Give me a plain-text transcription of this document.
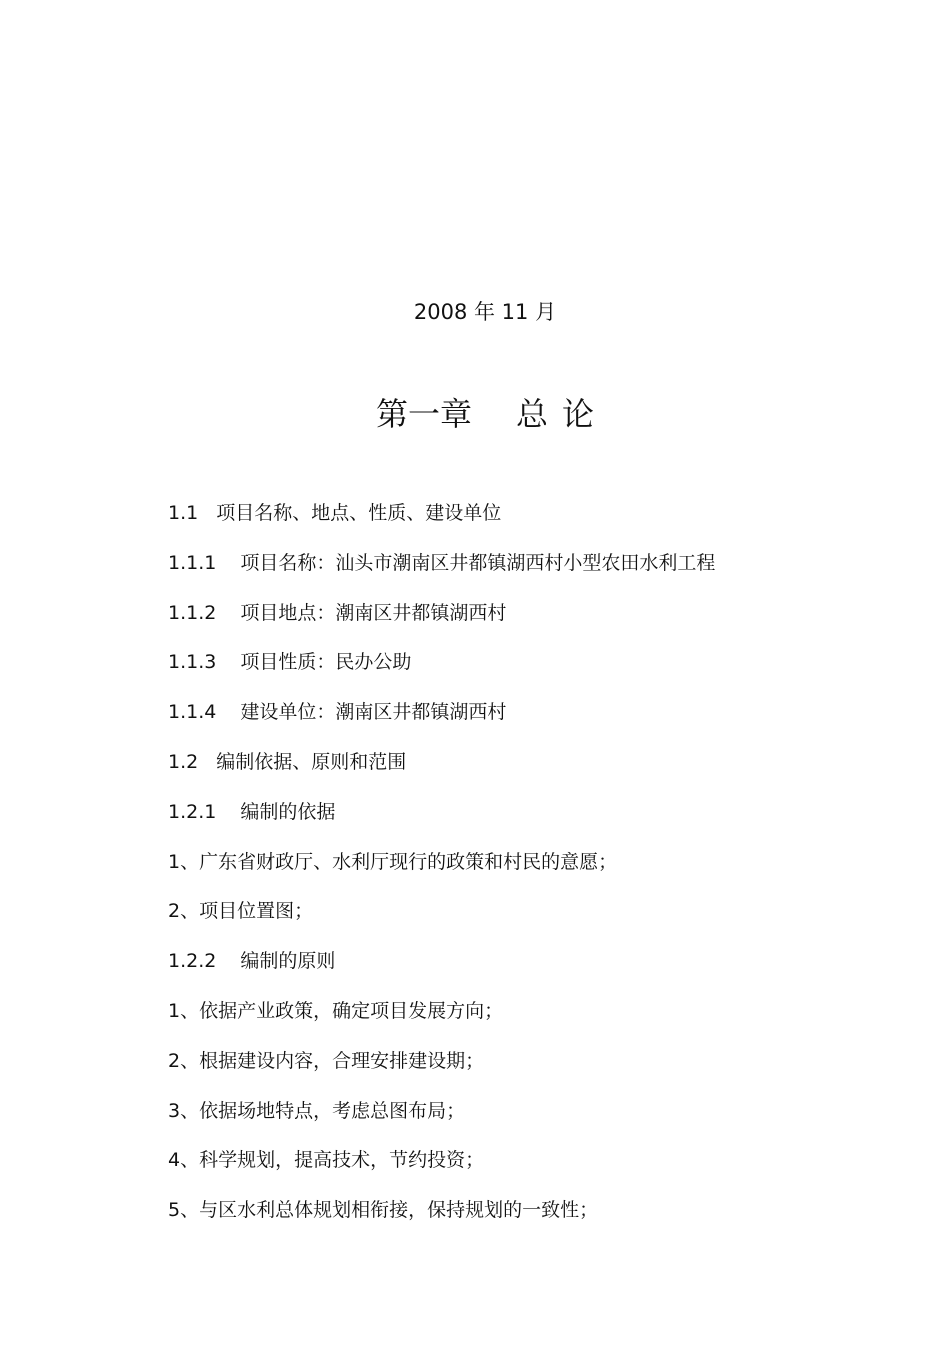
2008 年 11 月
第一章 总 论
1.1 项目名称、地点、性质、建设单位
1.1.1 项目名称：汕头市潮南区井都镇湖西村小型农田水利工程
1.1.2 项目地点：潮南区井都镇湖西村
1.1.3 项目性质：民办公助
1.1.4 建设单位：潮南区井都镇湖西村
1.2 编制依据、原则和范围
1.2.1 编制的依据
1、广东省财政厅、水利厅现行的政策和村民的意愿；
2、项目位置图；
1.2.2 编制的原则
1、依据产业政策，确定项目发展方向；
2、根据建设内容，合理安排建设期；
3、依据场地特点，考虑总图布局；
4、科学规划，提高技术，节约投资；
5、与区水利总体规划相衔接，保持规划的一致性；
